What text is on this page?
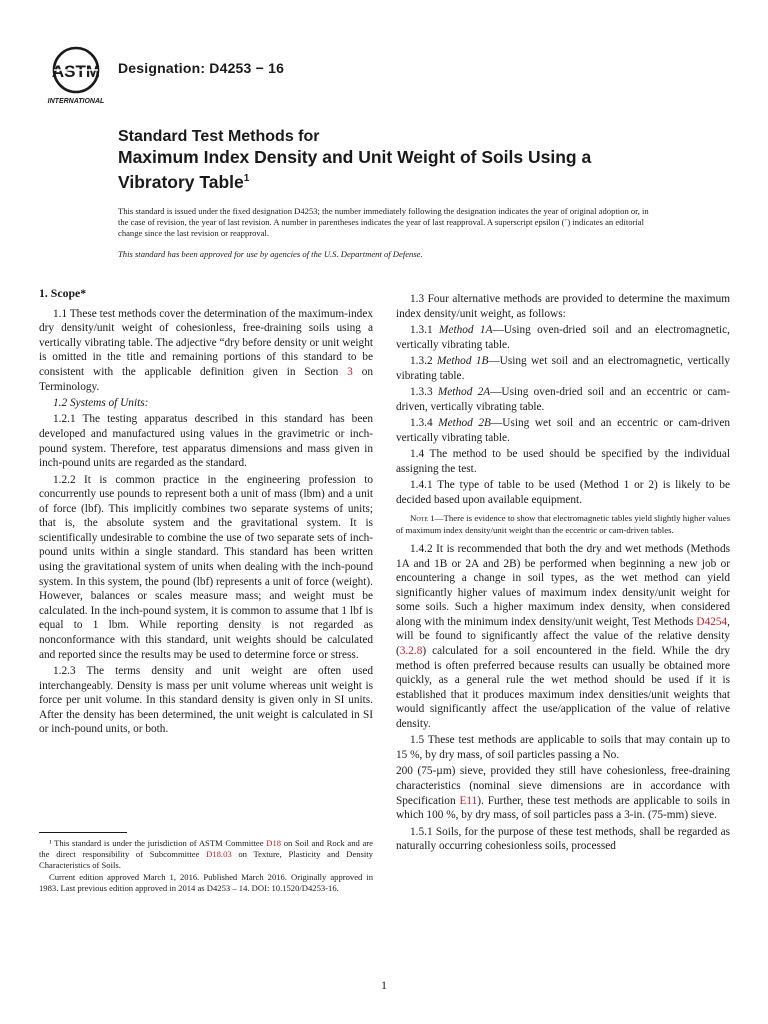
ASTM
INTERNATIONAL
Designation: D4253 − 16
Standard Test Methods for
Maximum Index Density and Unit Weight of Soils Using a
Vibratory Table$^1$

This standard is issued under the fixed designation D4253; the number immediately following the designation indicates the year of original adoption or, in the case of revision, the year of last revision. A number in parentheses indicates the year of last reapproval. A superscript epsilon (´) indicates an editorial change since the last revision or reapproval.

This standard has been approved for use by agencies of the U.S. Department of Defense.

1. Scope*

1.1 These test methods cover the determination of the maximum-index dry density/unit weight of cohesionless, free-draining soils using a vertically vibrating table. The adjective “dry before density or unit weight is omitted in the title and remaining portions of this standard to be consistent with the applicable definition given in Section 3 on Terminology.

1.2 Systems of Units:

1.2.1 The testing apparatus described in this standard has been developed and manufactured using values in the gravimetric or inch-pound system. Therefore, test apparatus dimensions and mass given in inch-pound units are regarded as the standard.

1.2.2 It is common practice in the engineering profession to concurrently use pounds to represent both a unit of mass (lbm) and a unit of force (lbf). This implicitly combines two separate systems of units; that is, the absolute system and the gravitational system. It is scientifically undesirable to combine the use of two separate sets of inch-pound units within a single standard. This standard has been written using the gravitational system of units when dealing with the inch-pound system. In this system, the pound (lbf) represents a unit of force (weight). However, balances or scales measure mass; and weight must be calculated. In the inch-pound system, it is common to assume that 1 lbf is equal to 1 lbm. While reporting density is not regarded as nonconformance with this standard, unit weights should be calculated and reported since the results may be used to determine force or stress.

1.2.3 The terms density and unit weight are often used interchangeably. Density is mass per unit volume whereas unit weight is force per unit volume. In this standard density is given only in SI units. After the density has been determined, the unit weight is calculated in SI or inch-pound units, or both.

¹ This standard is under the jurisdiction of ASTM Committee D18 on Soil and Rock and are the direct responsibility of Subcommittee D18.03 on Texture, Plasticity and Density Characteristics of Soils.

Current edition approved March 1, 2016. Published March 2016. Originally approved in 1983. Last previous edition approved in 2014 as D4253 – 14. DOI: 10.1520/D4253-16.

1.3 Four alternative methods are provided to determine the maximum index density/unit weight, as follows:

1.3.1 Method 1A—Using oven-dried soil and an electromagnetic, vertically vibrating table.

1.3.2 Method 1B—Using wet soil and an electromagnetic, vertically vibrating table.

1.3.3 Method 2A—Using oven-dried soil and an eccentric or cam-driven, vertically vibrating table.

1.3.4 Method 2B—Using wet soil and an eccentric or cam-driven vertically vibrating table.

1.4 The method to be used should be specified by the individual assigning the test.

1.4.1 The type of table to be used (Method 1 or 2) is likely to be decided based upon available equipment.

Note 1—There is evidence to show that electromagnetic tables yield slightly higher values of maximum index density/unit weight than the eccentric or cam-driven tables.

1.4.2 It is recommended that both the dry and wet methods (Methods 1A and 1B or 2A and 2B) be performed when beginning a new job or encountering a change in soil types, as the wet method can yield significantly higher values of maximum index density/unit weight for some soils. Such a higher maximum index density, when considered along with the minimum index density/unit weight, Test Methods D4254, will be found to significantly affect the value of the relative density (3.2.8) calculated for a soil encountered in the field. While the dry method is often preferred because results can usually be obtained more quickly, as a general rule the wet method should be used if it is established that it produces maximum index densities/unit weights that would significantly affect the use/application of the value of relative density.

1.5 These test methods are applicable to soils that may contain up to 15 %, by dry mass, of soil particles passing a No.

200 (75-µm) sieve, provided they still have cohesionless, free-draining characteristics (nominal sieve dimensions are in accordance with Specification E11). Further, these test methods are applicable to soils in which 100 %, by dry mass, of soil particles pass a 3-in. (75-mm) sieve.

1.5.1 Soils, for the purpose of these test methods, shall be regarded as naturally occurring cohesionless soils, processed

1
